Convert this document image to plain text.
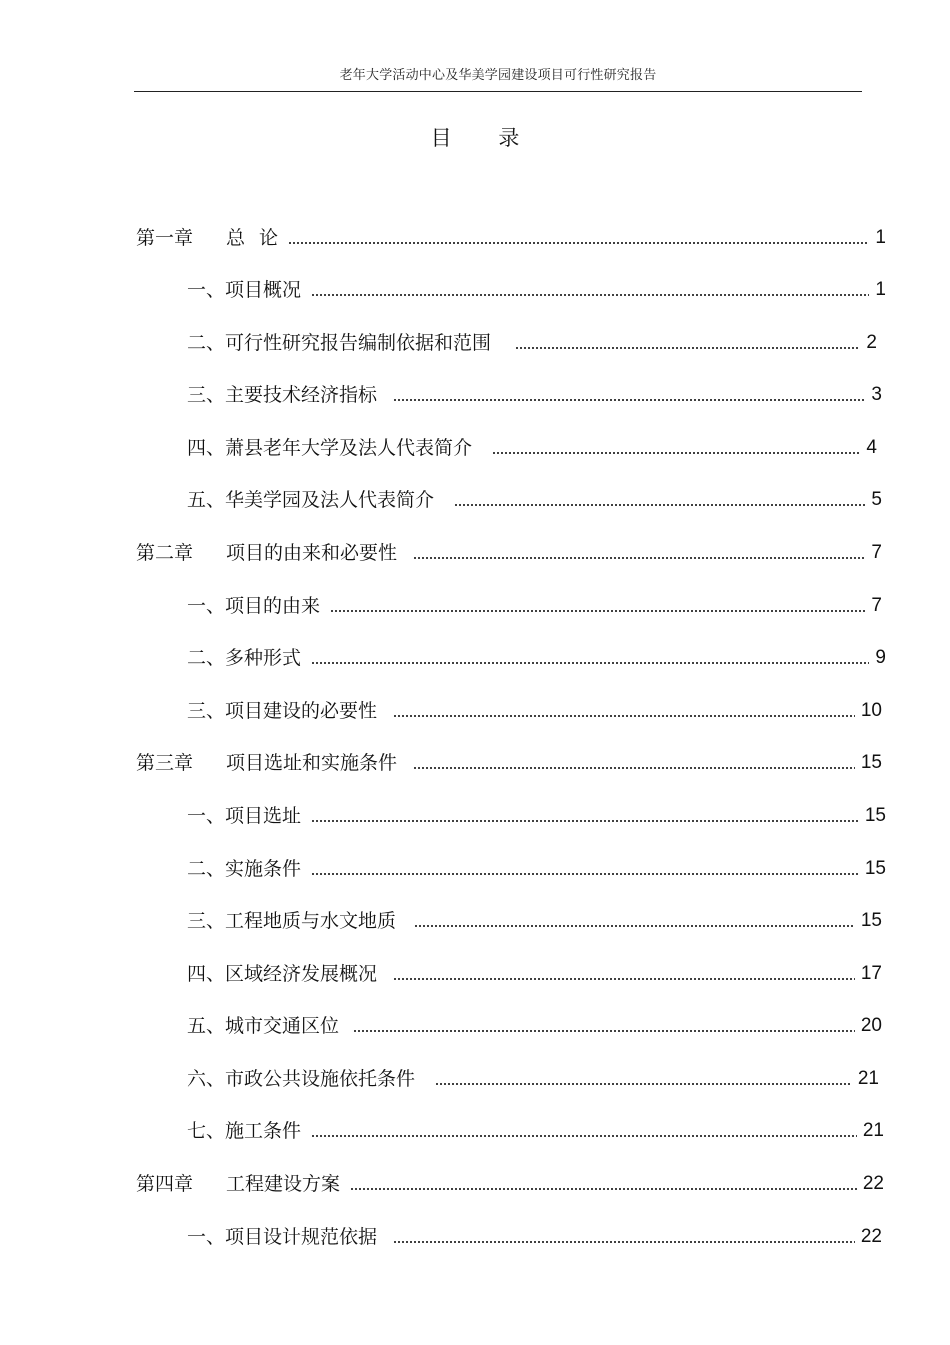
老年大学活动中心及华美学园建设项目可行性研究报告
目 录
第一章	总 论	1
一、项目概况	1
二、可行性研究报告编制依据和范围	2
三、主要技术经济指标	3
四、萧县老年大学及法人代表简介	4
五、华美学园及法人代表简介	5
第二章	项目的由来和必要性	7
一、项目的由来	7
二、多种形式	9
三、项目建设的必要性	10
第三章	项目选址和实施条件	15
一、项目选址	15
二、实施条件	15
三、工程地质与水文地质	15
四、区域经济发展概况	17
五、城市交通区位	20
六、市政公共设施依托条件	21
七、施工条件	21
第四章	工程建设方案	22
一、项目设计规范依据	22
